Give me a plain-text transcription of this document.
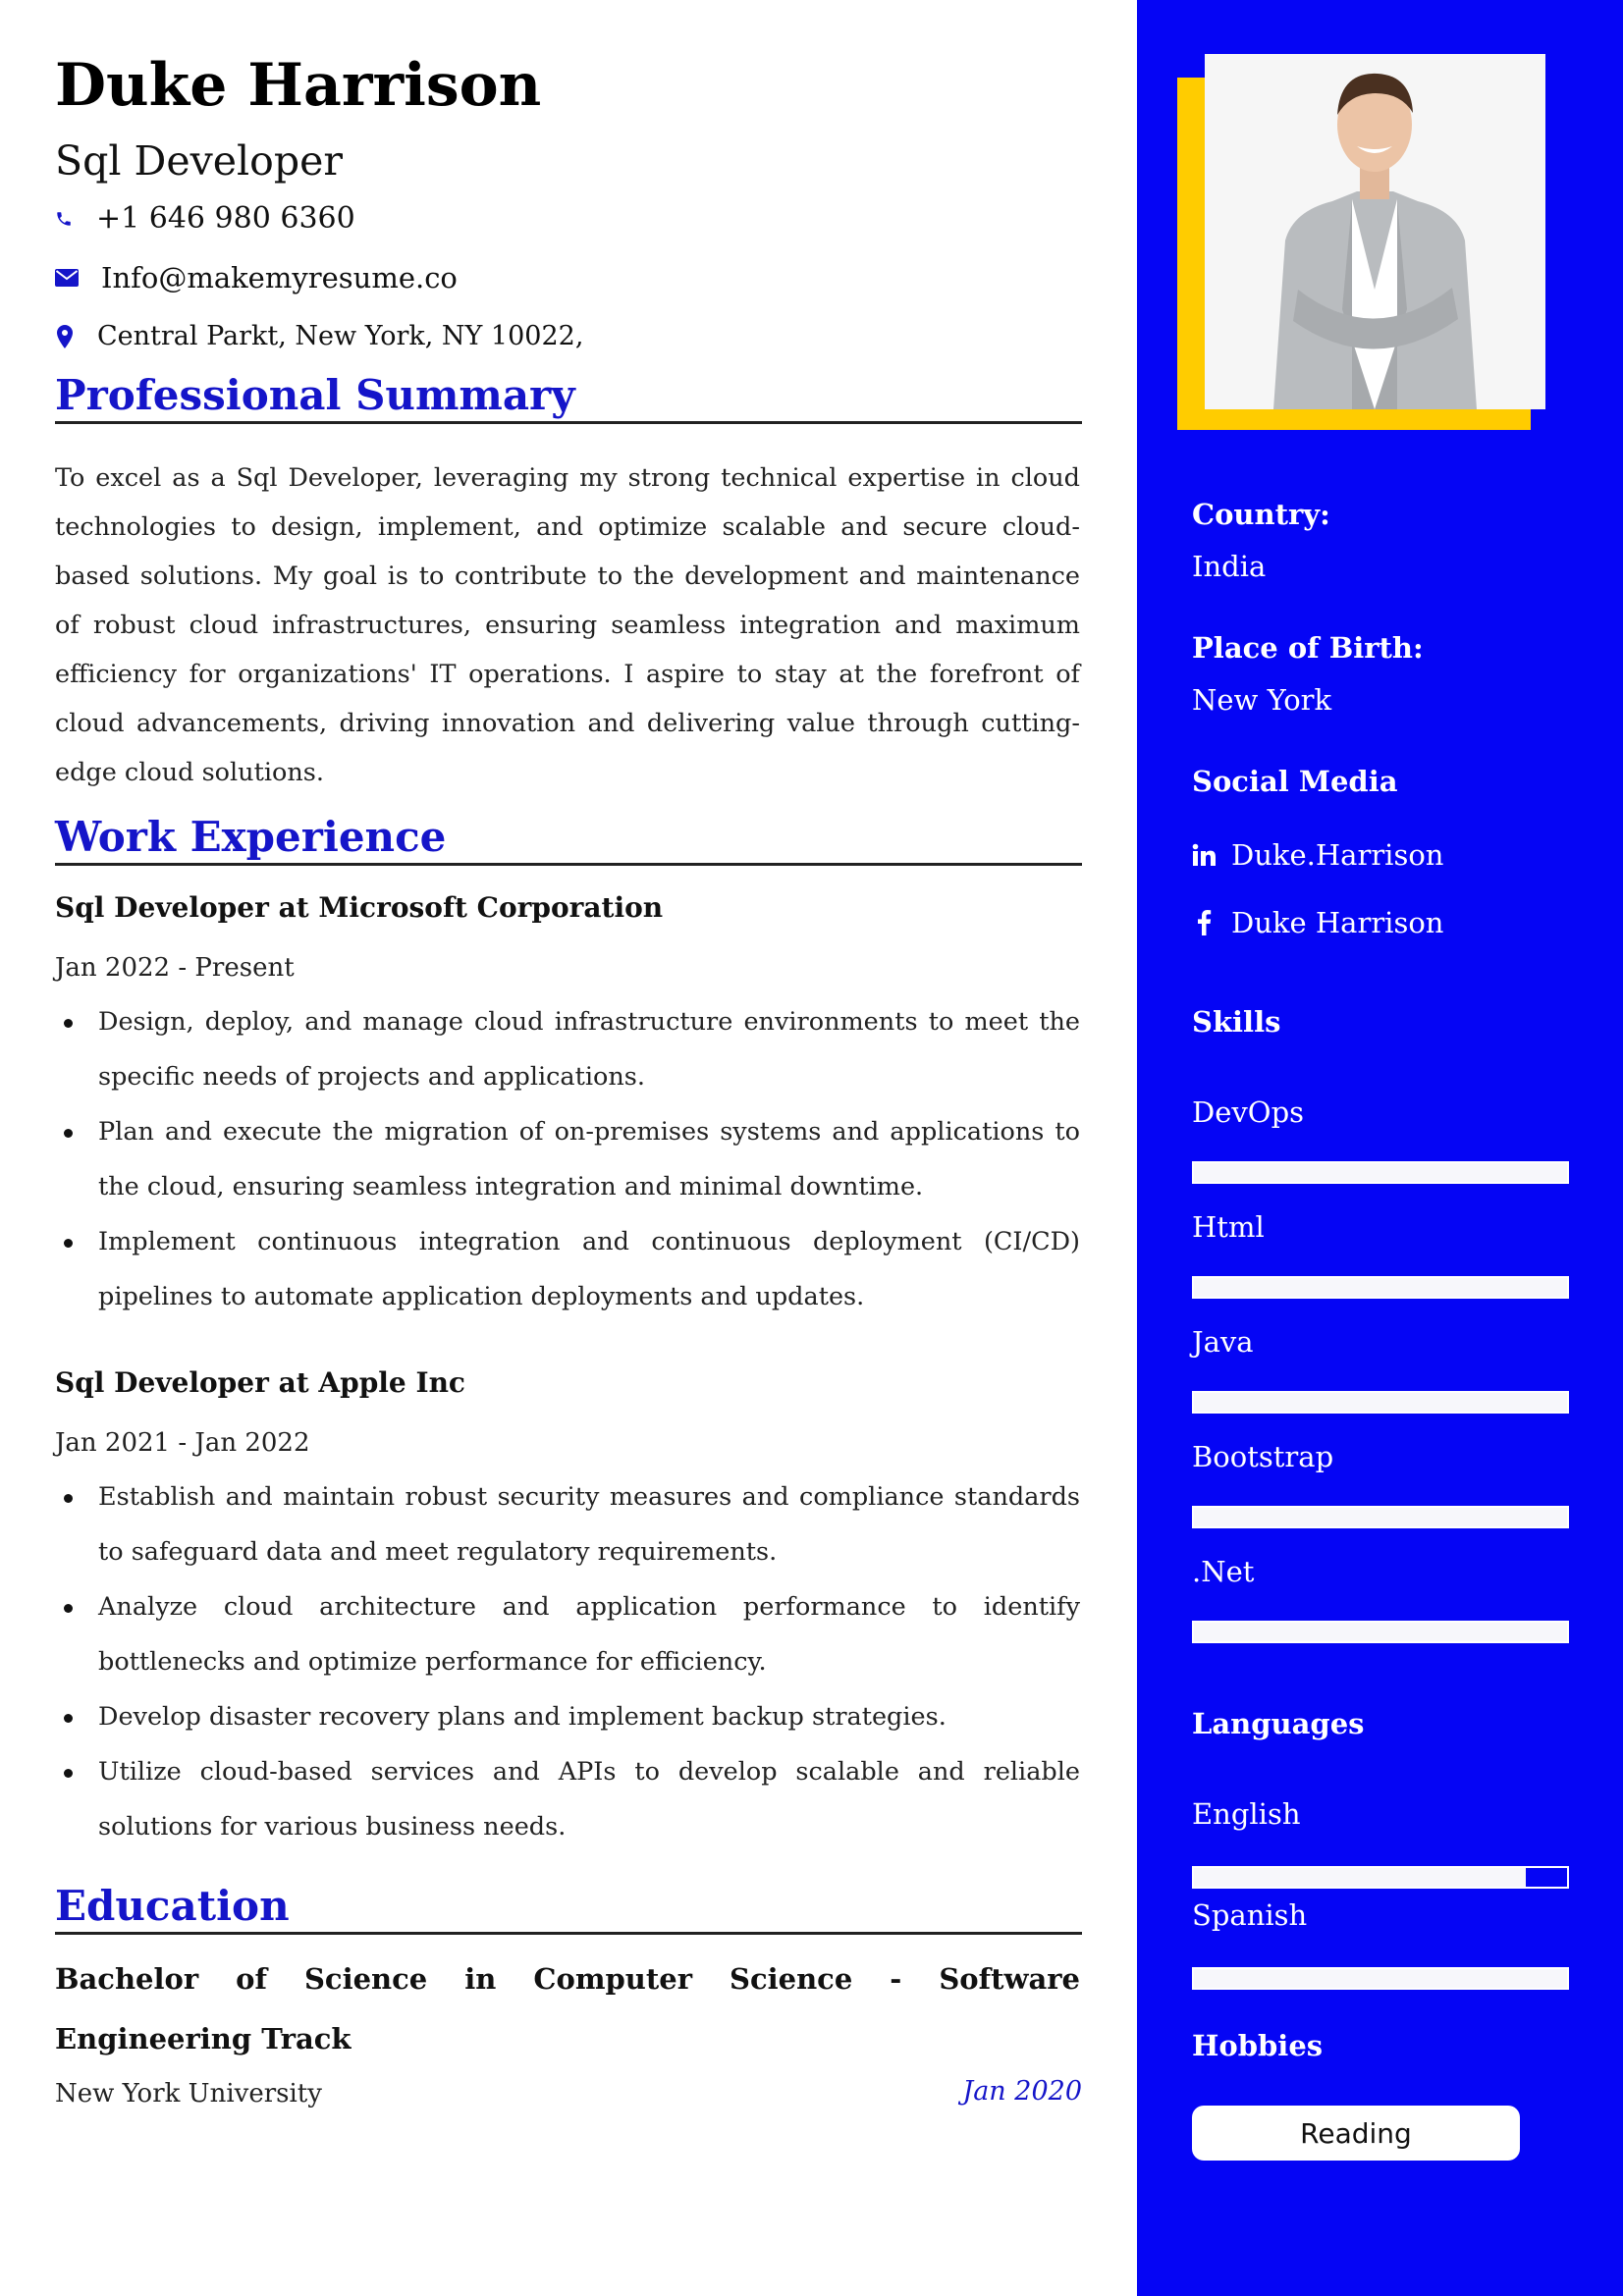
Duke Harrison
Sql Developer
+1 646 980 6360
Info@makemyresume.co
Central Parkt, New York, NY 10022,
Professional Summary

To excel as a Sql Developer, leveraging my strong technical expertise in cloud technologies to design, implement, and optimize scalable and secure cloud-based solutions. My goal is to contribute to the development and maintenance of robust cloud infrastructures, ensuring seamless integration and maximum efficiency for organizations' IT operations. I aspire to stay at the forefront of cloud advancements, driving innovation and delivering value through cutting-edge cloud solutions.

Work Experience
Sql Developer at Microsoft Corporation
Jan 2022 - Present
Design, deploy, and manage cloud infrastructure environments to meet the specific needs of projects and applications.
Plan and execute the migration of on-premises systems and applications to the cloud, ensuring seamless integration and minimal downtime.
Implement continuous integration and continuous deployment (CI/CD) pipelines to automate application deployments and updates.
Sql Developer at Apple Inc
Jan 2021 - Jan 2022
Establish and maintain robust security measures and compliance standards to safeguard data and meet regulatory requirements.
Analyze cloud architecture and application performance to identify bottlenecks and optimize performance for efficiency.
Develop disaster recovery plans and implement backup strategies.
Utilize cloud-based services and APIs to develop scalable and reliable solutions for various business needs.
Education
Bachelor of Science in Computer Science - Software Engineering Track
New York University	Jan 2020
Country:
India
Place of Birth:
New York
Social Media
Duke.Harrison
Duke Harrison
Skills
DevOps
Html
Java
Bootstrap
.Net
Languages
English
Spanish
Hobbies
Reading
